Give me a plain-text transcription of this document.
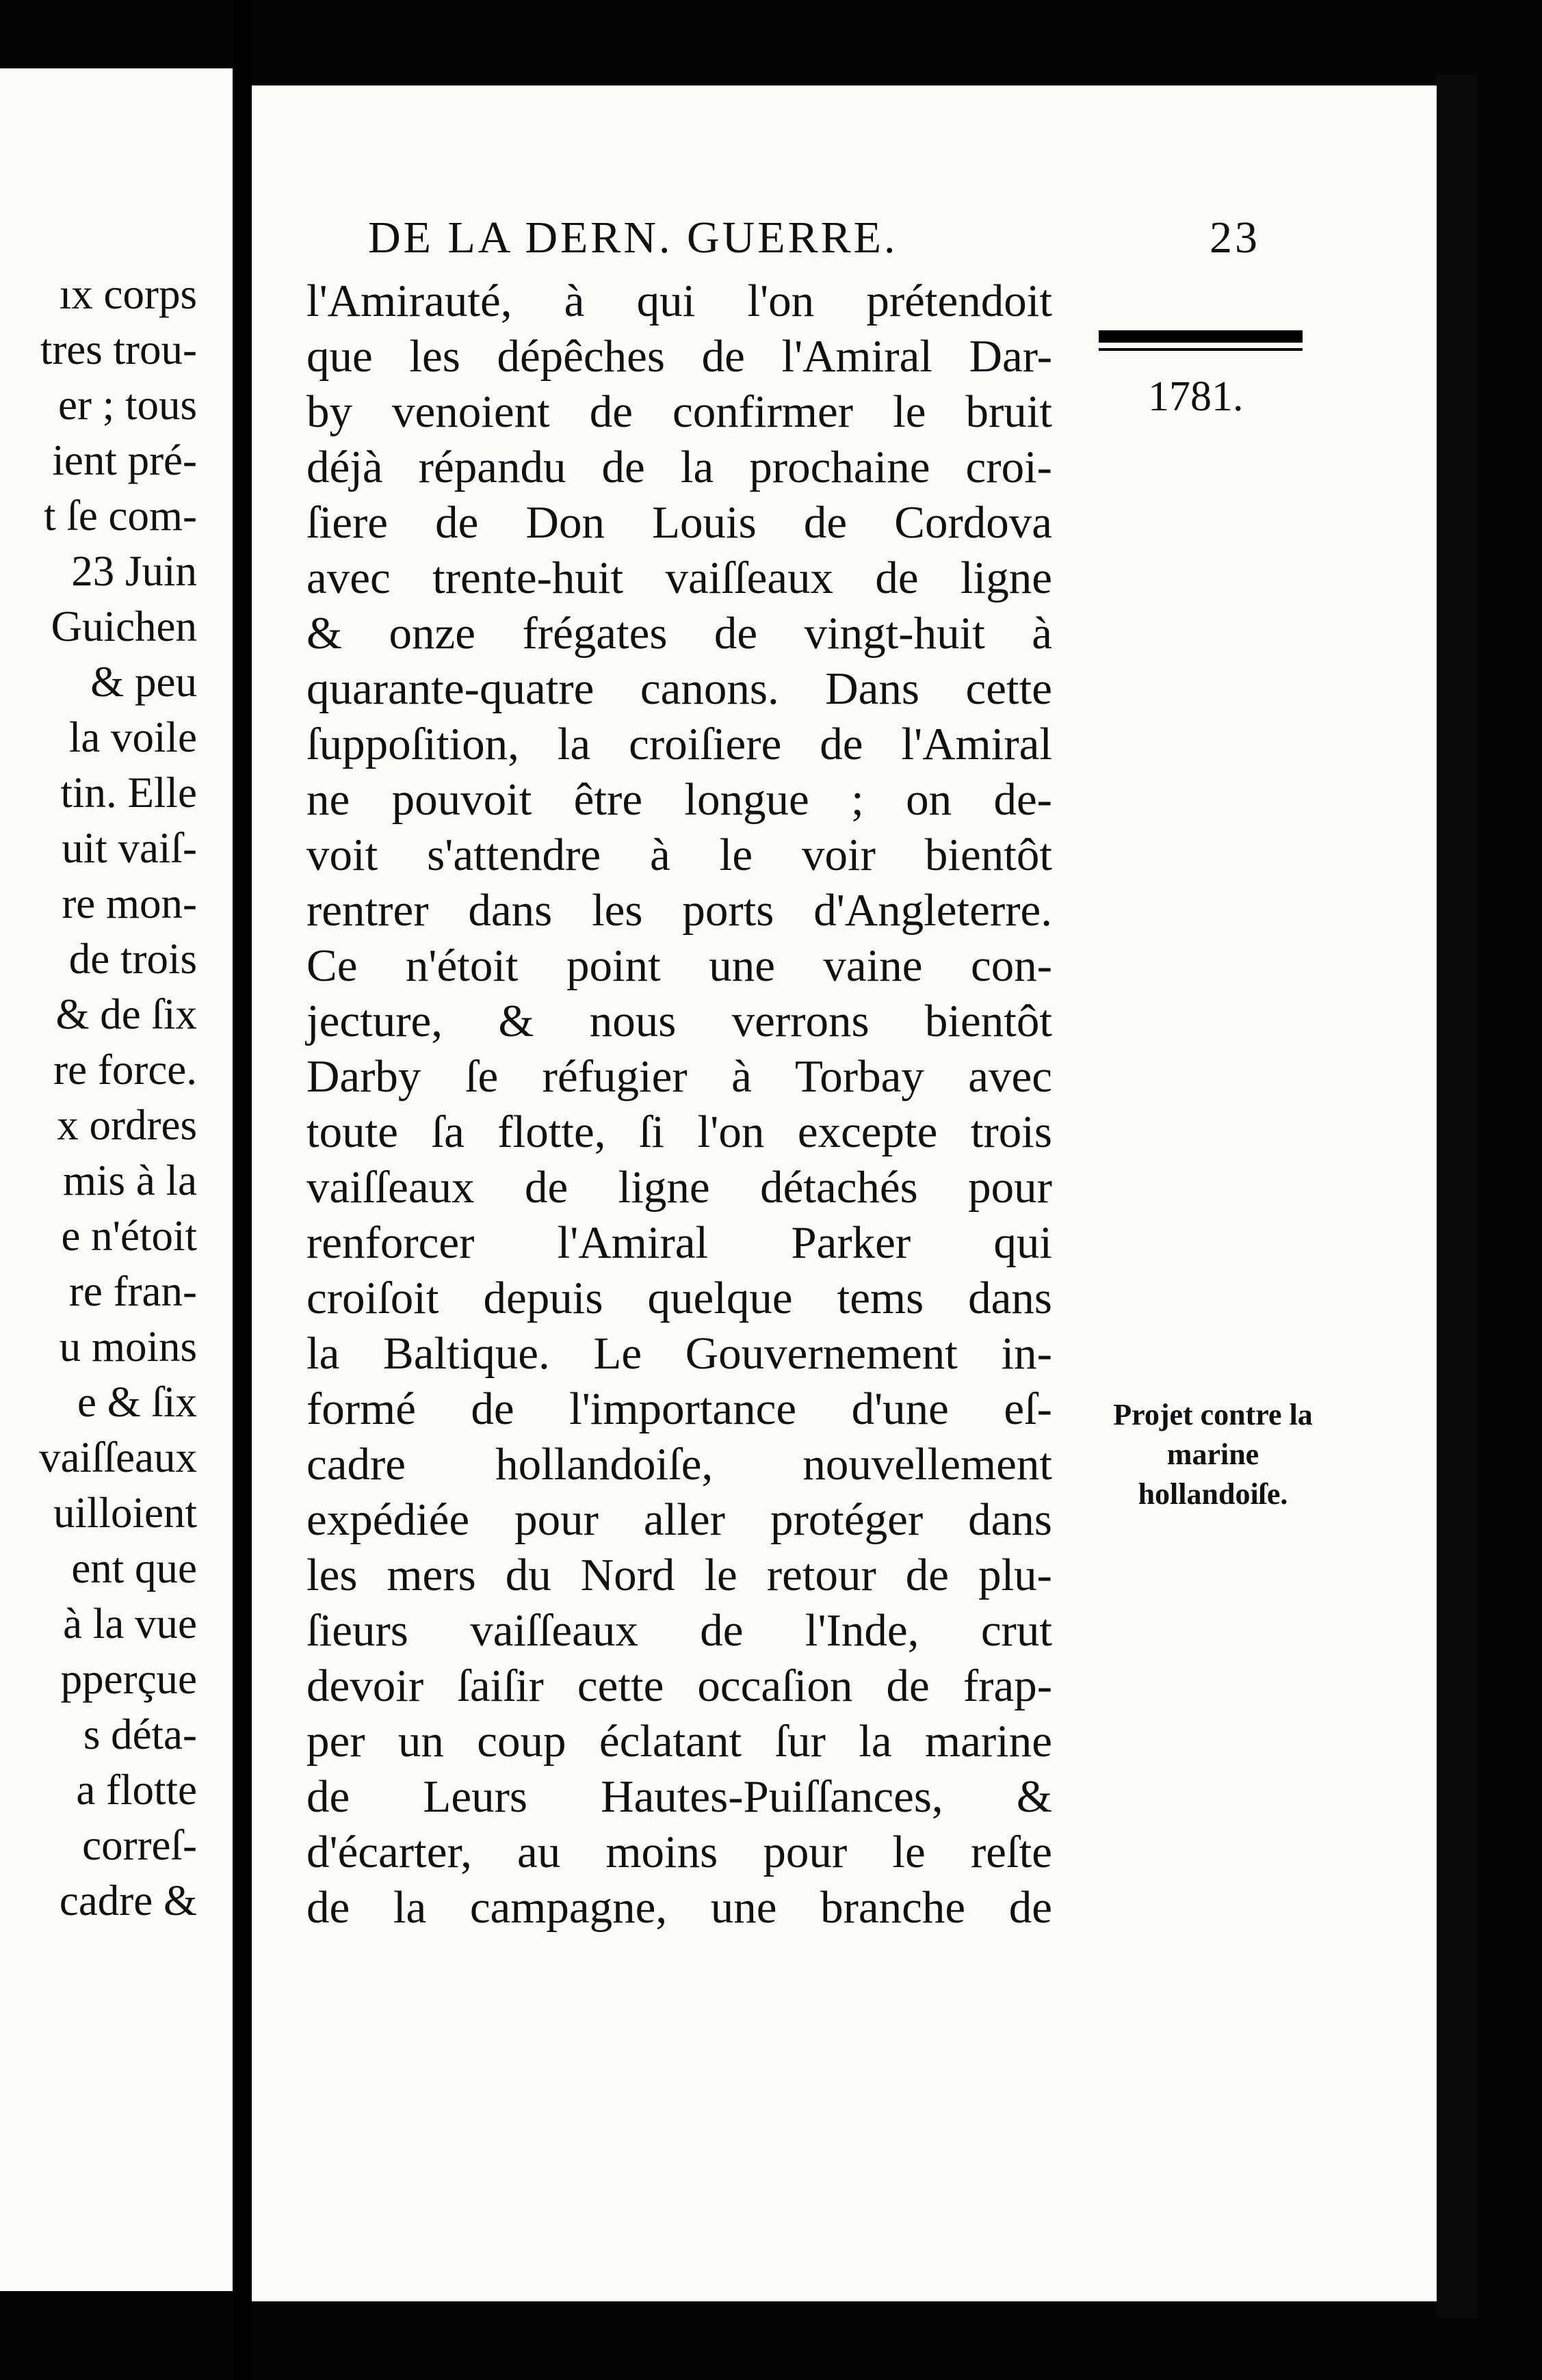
ıx corps
tres trou-
er ; tous
ient pré-
t ſe com-
23 Juin
Guichen
& peu
la voile
tin. Elle
uit vaiſ-
re mon-
de trois
& de ſix
re force.
x ordres
mis à la
e n'étoit
re fran-
u moins
e & ſix
vaiſſeaux
uilloient
ent que
à la vue
pperçue
s déta-
a flotte
correſ-
cadre &
DE LA DERN. GUERRE.	23
l'Amirauté, à qui l'on prétendoit
que les dépêches de l'Amiral Dar-
by venoient de confirmer le bruit
déjà répandu de la prochaine croi-
ſiere de Don Louis de Cordova
avec trente-huit vaiſſeaux de ligne
& onze frégates de vingt-huit à
quarante-quatre canons. Dans cette
ſuppoſition, la croiſiere de l'Amiral
ne pouvoit être longue ; on de-
voit s'attendre à le voir bientôt
rentrer dans les ports d'Angleterre.
Ce n'étoit point une vaine con-
jecture, & nous verrons bientôt
Darby ſe réfugier à Torbay avec
toute ſa flotte, ſi l'on excepte trois
vaiſſeaux de ligne détachés pour
renforcer l'Amiral Parker qui
croiſoit depuis quelque tems dans
la Baltique. Le Gouvernement in-
formé de l'importance d'une eſ-
cadre hollandoiſe, nouvellement
expédiée pour aller protéger dans
les mers du Nord le retour de plu-
ſieurs vaiſſeaux de l'Inde, crut
devoir ſaiſir cette occaſion de frap-
per un coup éclatant ſur la marine
de Leurs Hautes-Puiſſances, &
d'écarter, au moins pour le reſte
de la campagne, une branche de
1781.

Projet contre la marine hollandoiſe.
